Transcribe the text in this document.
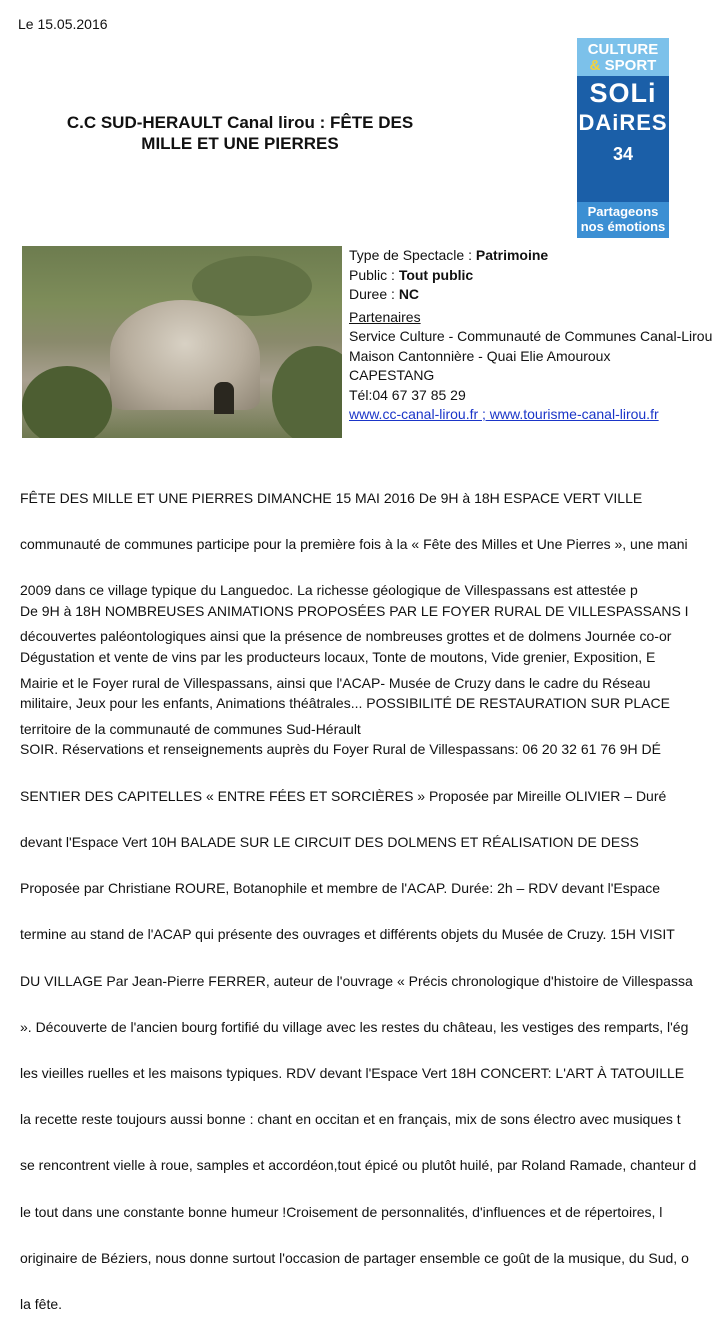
Le 15.05.2016
C.C SUD-HERAULT Canal lirou : FÊTE DES
MILLE ET UNE PIERRES
CULTURE
& SPORT
SOLi
DAiRES
34
Partageons
nos émotions
Type de Spectacle : Patrimoine
Public : Tout public
Duree : NC
Partenaires
Service Culture - Communauté de Communes Canal-Lirou
Maison Cantonnière - Quai Elie Amouroux
CAPESTANG
Tél:04 67 37 85 29
www.cc-canal-lirou.fr ; www.tourisme-canal-lirou.fr

FÊTE DES MILLE ET UNE PIERRES DIMANCHE 15 MAI 2016 De 9H à 18H ESPACE VERT VILLE

communauté de communes participe pour la première fois à la « Fête des Milles et Une Pierres », une mani

2009 dans ce village typique du Languedoc. La richesse géologique de Villespassans est attestée p

découvertes paléontologiques ainsi que la présence de nombreuses grottes et de dolmens Journée co-or

Mairie et le Foyer rural de Villespassans, ainsi que l'ACAP- Musée de Cruzy dans le cadre du Réseau

territoire de la communauté de communes Sud-Hérault

De 9H à 18H NOMBREUSES ANIMATIONS PROPOSÉES PAR LE FOYER RURAL DE VILLESPASSANS I

Dégustation et vente de vins par les producteurs locaux, Tonte de moutons, Vide grenier, Exposition, E

militaire, Jeux pour les enfants, Animations théâtrales... POSSIBILITÉ DE RESTAURATION SUR PLACE

SOIR. Réservations et renseignements auprès du Foyer Rural de Villespassans: 06 20 32 61 76 9H DÉ

SENTIER DES CAPITELLES « ENTRE FÉES ET SORCIÈRES » Proposée par Mireille OLIVIER – Duré

devant l'Espace Vert 10H BALADE SUR LE CIRCUIT DES DOLMENS ET RÉALISATION DE DESS

Proposée par Christiane ROURE, Botanophile et membre de l'ACAP. Durée: 2h – RDV devant l'Espace

termine au stand de l'ACAP qui présente des ouvrages et différents objets du Musée de Cruzy. 15H VISIT

DU VILLAGE Par Jean-Pierre FERRER, auteur de l'ouvrage « Précis chronologique d'histoire de Villespassa

». Découverte de l'ancien bourg fortifié du village avec les restes du château, les vestiges des remparts, l'ég

les vieilles ruelles et les maisons typiques. RDV devant l'Espace Vert 18H CONCERT: L'ART À TATOUILLE

la recette reste toujours aussi bonne : chant en occitan et en français, mix de sons électro avec musiques t

se rencontrent vielle à roue, samples et accordéon,tout épicé ou plutôt huilé, par Roland Ramade, chanteur d

le tout dans une constante bonne humeur !Croisement de personnalités, d'influences et de répertoires, l

originaire de Béziers, nous donne surtout l'occasion de partager ensemble ce goût de la musique, du Sud, o

la fête.
